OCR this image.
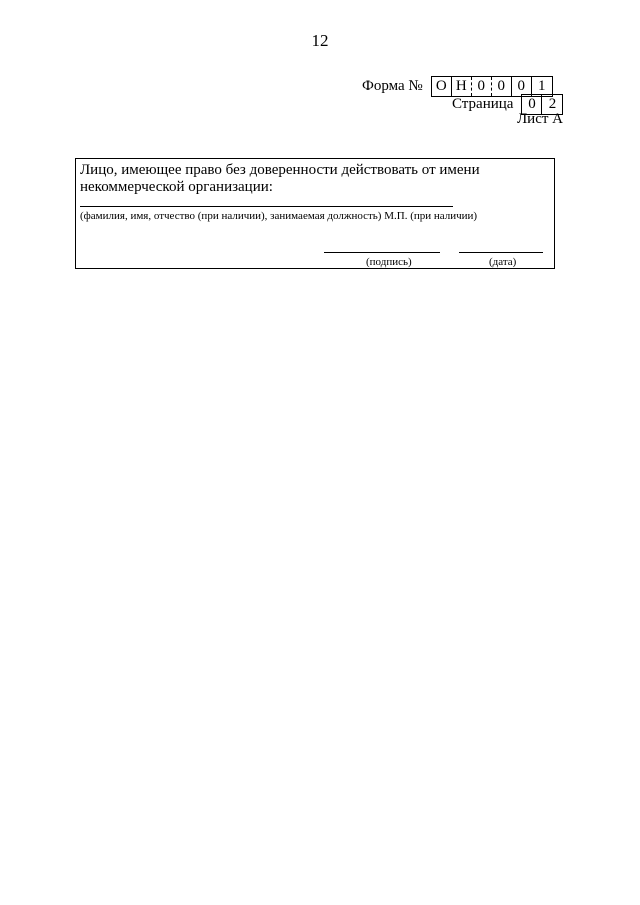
12
Форма № О Н 0 0 0 1
Страница 0 2
Лист А
Лицо, имеющее право без доверенности действовать от имени некоммерческой организации:
(фамилия, имя, отчество (при наличии), занимаемая должность) М.П. (при наличии)
(подпись)	(дата)
